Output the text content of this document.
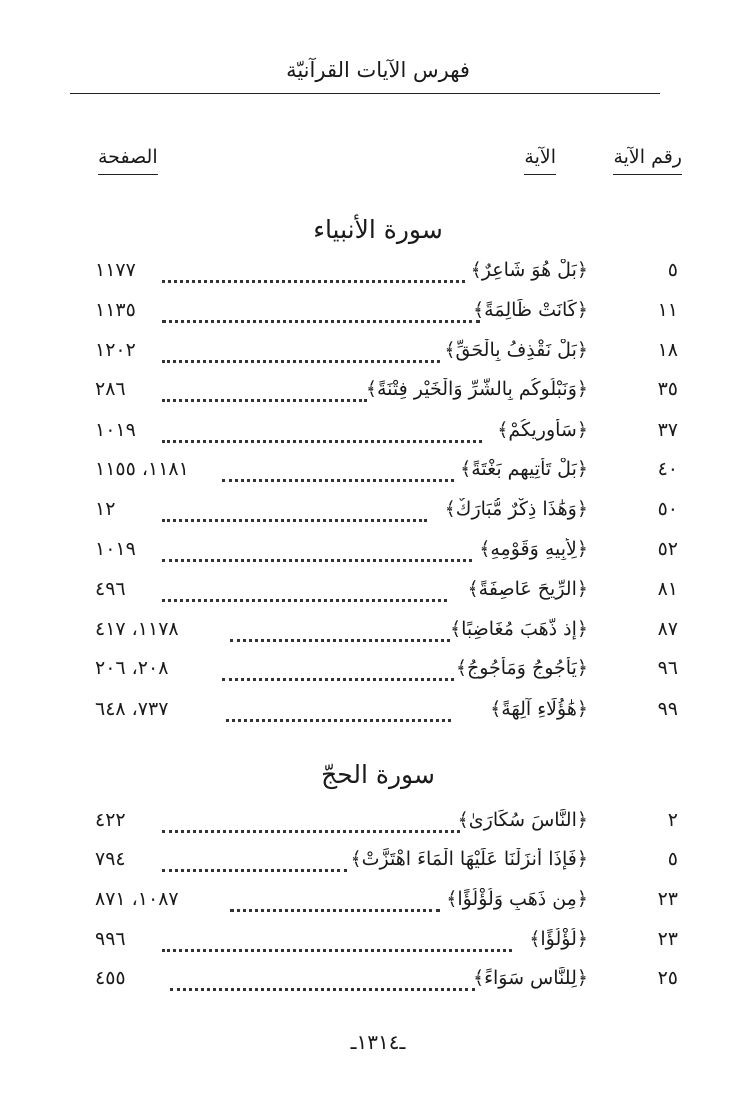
فهرس الآيات القرآنيّة
رقم الآية
الآية
الصفحة
سورة الأنبياء
٥
﴿بَلْ هُوَ شَاعِرٌ﴾
١١٧٧
١١
﴿كَانَتْ ظَالِمَةً﴾
١١٣٥
١٨
﴿بَلْ نَقْذِفُ بِالْحَقِّ﴾
١٢٠٢
٣٥
﴿وَنَبْلُوكُم بِالشَّرِّ وَالْخَيْرِ فِتْنَةً﴾
٢٨٦
٣٧
﴿سَأُورِيكُمْ﴾
١٠١٩
٤٠
﴿بَلْ تَأْتِيهِم بَغْتَةً﴾
١١٨١، ١١٥٥
٥٠
﴿وَهَٰذَا ذِكْرٌ مُّبَارَكٌ﴾
١٢
٥٢
﴿لِأَبِيهِ وَقَوْمِهِ﴾
١٠١٩
٨١
﴿الرِّيحَ عَاصِفَةً﴾
٤٩٦
٨٧
﴿إِذ ذَّهَبَ مُغَاضِبًا﴾
١١٧٨، ٤١٧
٩٦
﴿يَأْجُوجُ وَمَأْجُوجُ﴾
٢٠٨، ٢٠٦
٩٩
﴿هَٰؤُلَاءِ آلِهَةً﴾
٧٣٧، ٦٤٨
سورة الحجّ
٢
﴿النَّاسَ سُكَارَىٰ﴾
٤٢٢
٥
﴿فَإِذَا أَنزَلْنَا عَلَيْهَا الْمَاءَ اهْتَزَّتْ﴾
٧٩٤
٢٣
﴿مِن ذَهَبٍ وَلُؤْلُؤًا﴾
١٠٨٧، ٨٧١
٢٣
﴿لُؤْلُؤًا﴾
٩٩٦
٢٥
﴿لِلنَّاسِ سَوَاءً﴾
٤٥٥
ـ١٣١٤ـ
